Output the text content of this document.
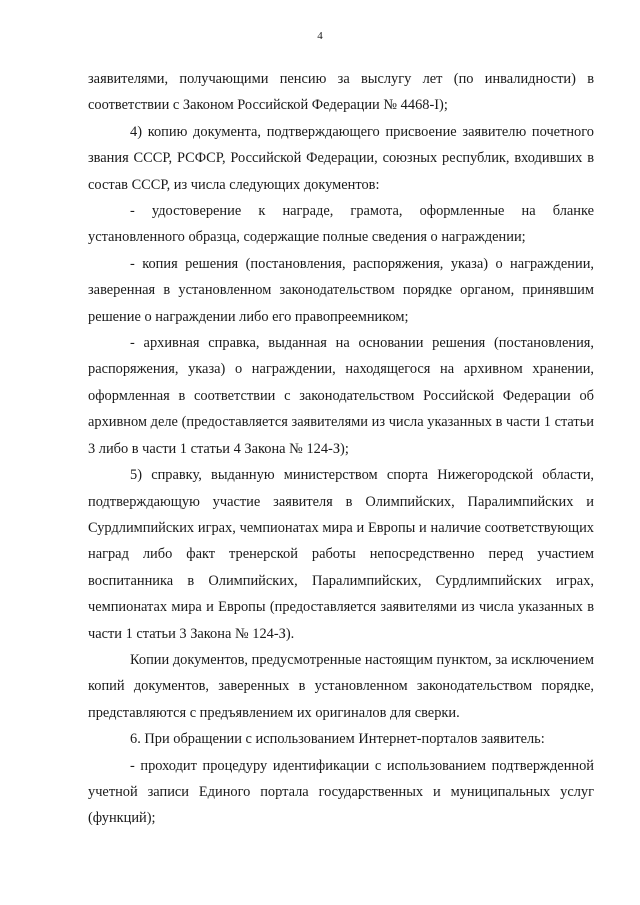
4

заявителями, получающими пенсию за выслугу лет (по инвалидности) в соответствии с Законом Российской Федерации № 4468-I);

4) копию документа, подтверждающего присвоение заявителю почетного звания СССР, РСФСР, Российской Федерации, союзных республик, входивших в состав СССР, из числа следующих документов:

- удостоверение к награде, грамота, оформленные на бланке установленного образца, содержащие полные сведения о награждении;

- копия решения (постановления, распоряжения, указа) о награждении, заверенная в установленном законодательством порядке органом, принявшим решение о награждении либо его правопреемником;

- архивная справка, выданная на основании решения (постановления, распоряжения, указа) о награждении, находящегося на архивном хранении, оформленная в соответствии с законодательством Российской Федерации об архивном деле (предоставляется заявителями из числа указанных в части 1 статьи 3 либо в части 1 статьи 4 Закона № 124-З);

5) справку, выданную министерством спорта Нижегородской области, подтверждающую участие заявителя в Олимпийских, Паралимпийских и Сурдлимпийских играх, чемпионатах мира и Европы и наличие соответствующих наград либо факт тренерской работы непосредственно перед участием воспитанника в Олимпийских, Паралимпийских, Сурдлимпийских играх, чемпионатах мира и Европы (предоставляется заявителями из числа указанных в части 1 статьи 3 Закона № 124-З).

Копии документов, предусмотренные настоящим пунктом, за исключением копий документов, заверенных в установленном законодательством порядке, представляются с предъявлением их оригиналов для сверки.

6. При обращении с использованием Интернет-порталов заявитель:

- проходит процедуру идентификации с использованием подтвержденной учетной записи Единого портала государственных и муниципальных услуг (функций);
